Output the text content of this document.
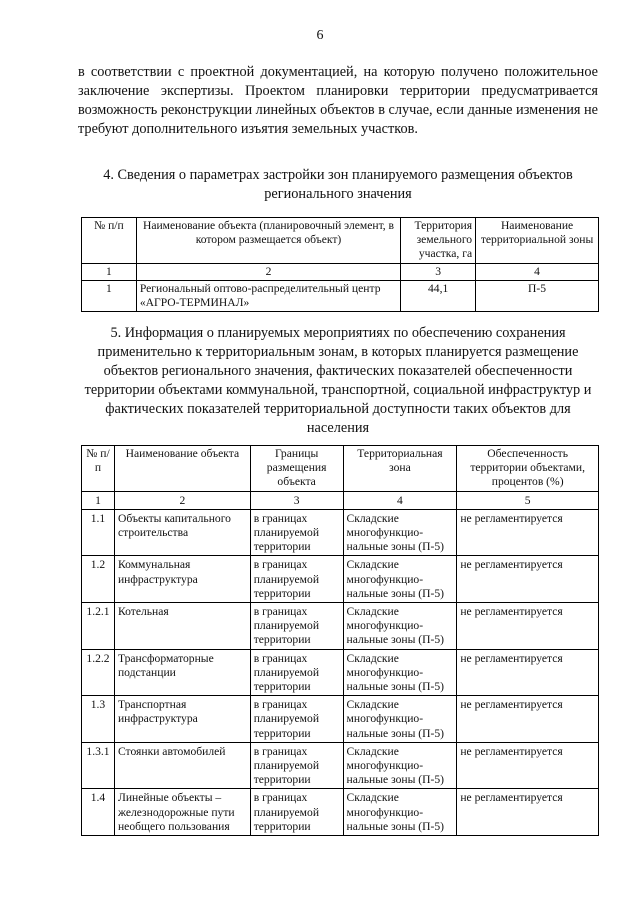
6
в соответствии с проектной документацией, на которую получено положительное заключение экспертизы. Проектом планировки территории предусматривается возможность реконструкции линейных объектов в случае, если данные изменения не требуют дополнительного изъятия земельных участков.
4. Сведения о параметрах застройки зон планируемого размещения объектов регионального значения
№ п/п	Наименование объекта (планировочный элемент, в котором размещается объект)	Территория земельного участка, га	Наименование территориальной зоны
1	2	3	4
1	Региональный оптово-распределительный центр «АГРО-ТЕРМИНАЛ»	44,1	П-5
5. Информация о планируемых мероприятиях по обеспечению сохранения применительно к территориальным зонам, в которых планируется размещение объектов регионального значения, фактических показателей обеспеченности территории объектами коммунальной, транспортной, социальной инфраструктур и фактических показателей территориальной доступности таких объектов для населения
№ п/п	Наименование объекта	Границы размещения объекта	Территориальная зона	Обеспеченность территории объектами, процентов (%)
1	2	3	4	5
1.1	Объекты капитального строительства	в границах планируемой территории	Складские многофункцио-нальные зоны (П-5)	не регламентируется
1.2	Коммунальная инфраструктура	в границах планируемой территории	Складские многофункцио-нальные зоны (П-5)	не регламентируется
1.2.1	Котельная	в границах планируемой территории	Складские многофункцио-нальные зоны (П-5)	не регламентируется
1.2.2	Трансформаторные подстанции	в границах планируемой территории	Складские многофункцио-нальные зоны (П-5)	не регламентируется
1.3	Транспортная инфраструктура	в границах планируемой территории	Складские многофункцио-нальные зоны (П-5)	не регламентируется
1.3.1	Стоянки автомобилей	в границах планируемой территории	Складские многофункцио-нальные зоны (П-5)	не регламентируется
1.4	Линейные объекты – железнодорожные пути необщего пользования	в границах планируемой территории	Складские многофункцио-нальные зоны (П-5)	не регламентируется
